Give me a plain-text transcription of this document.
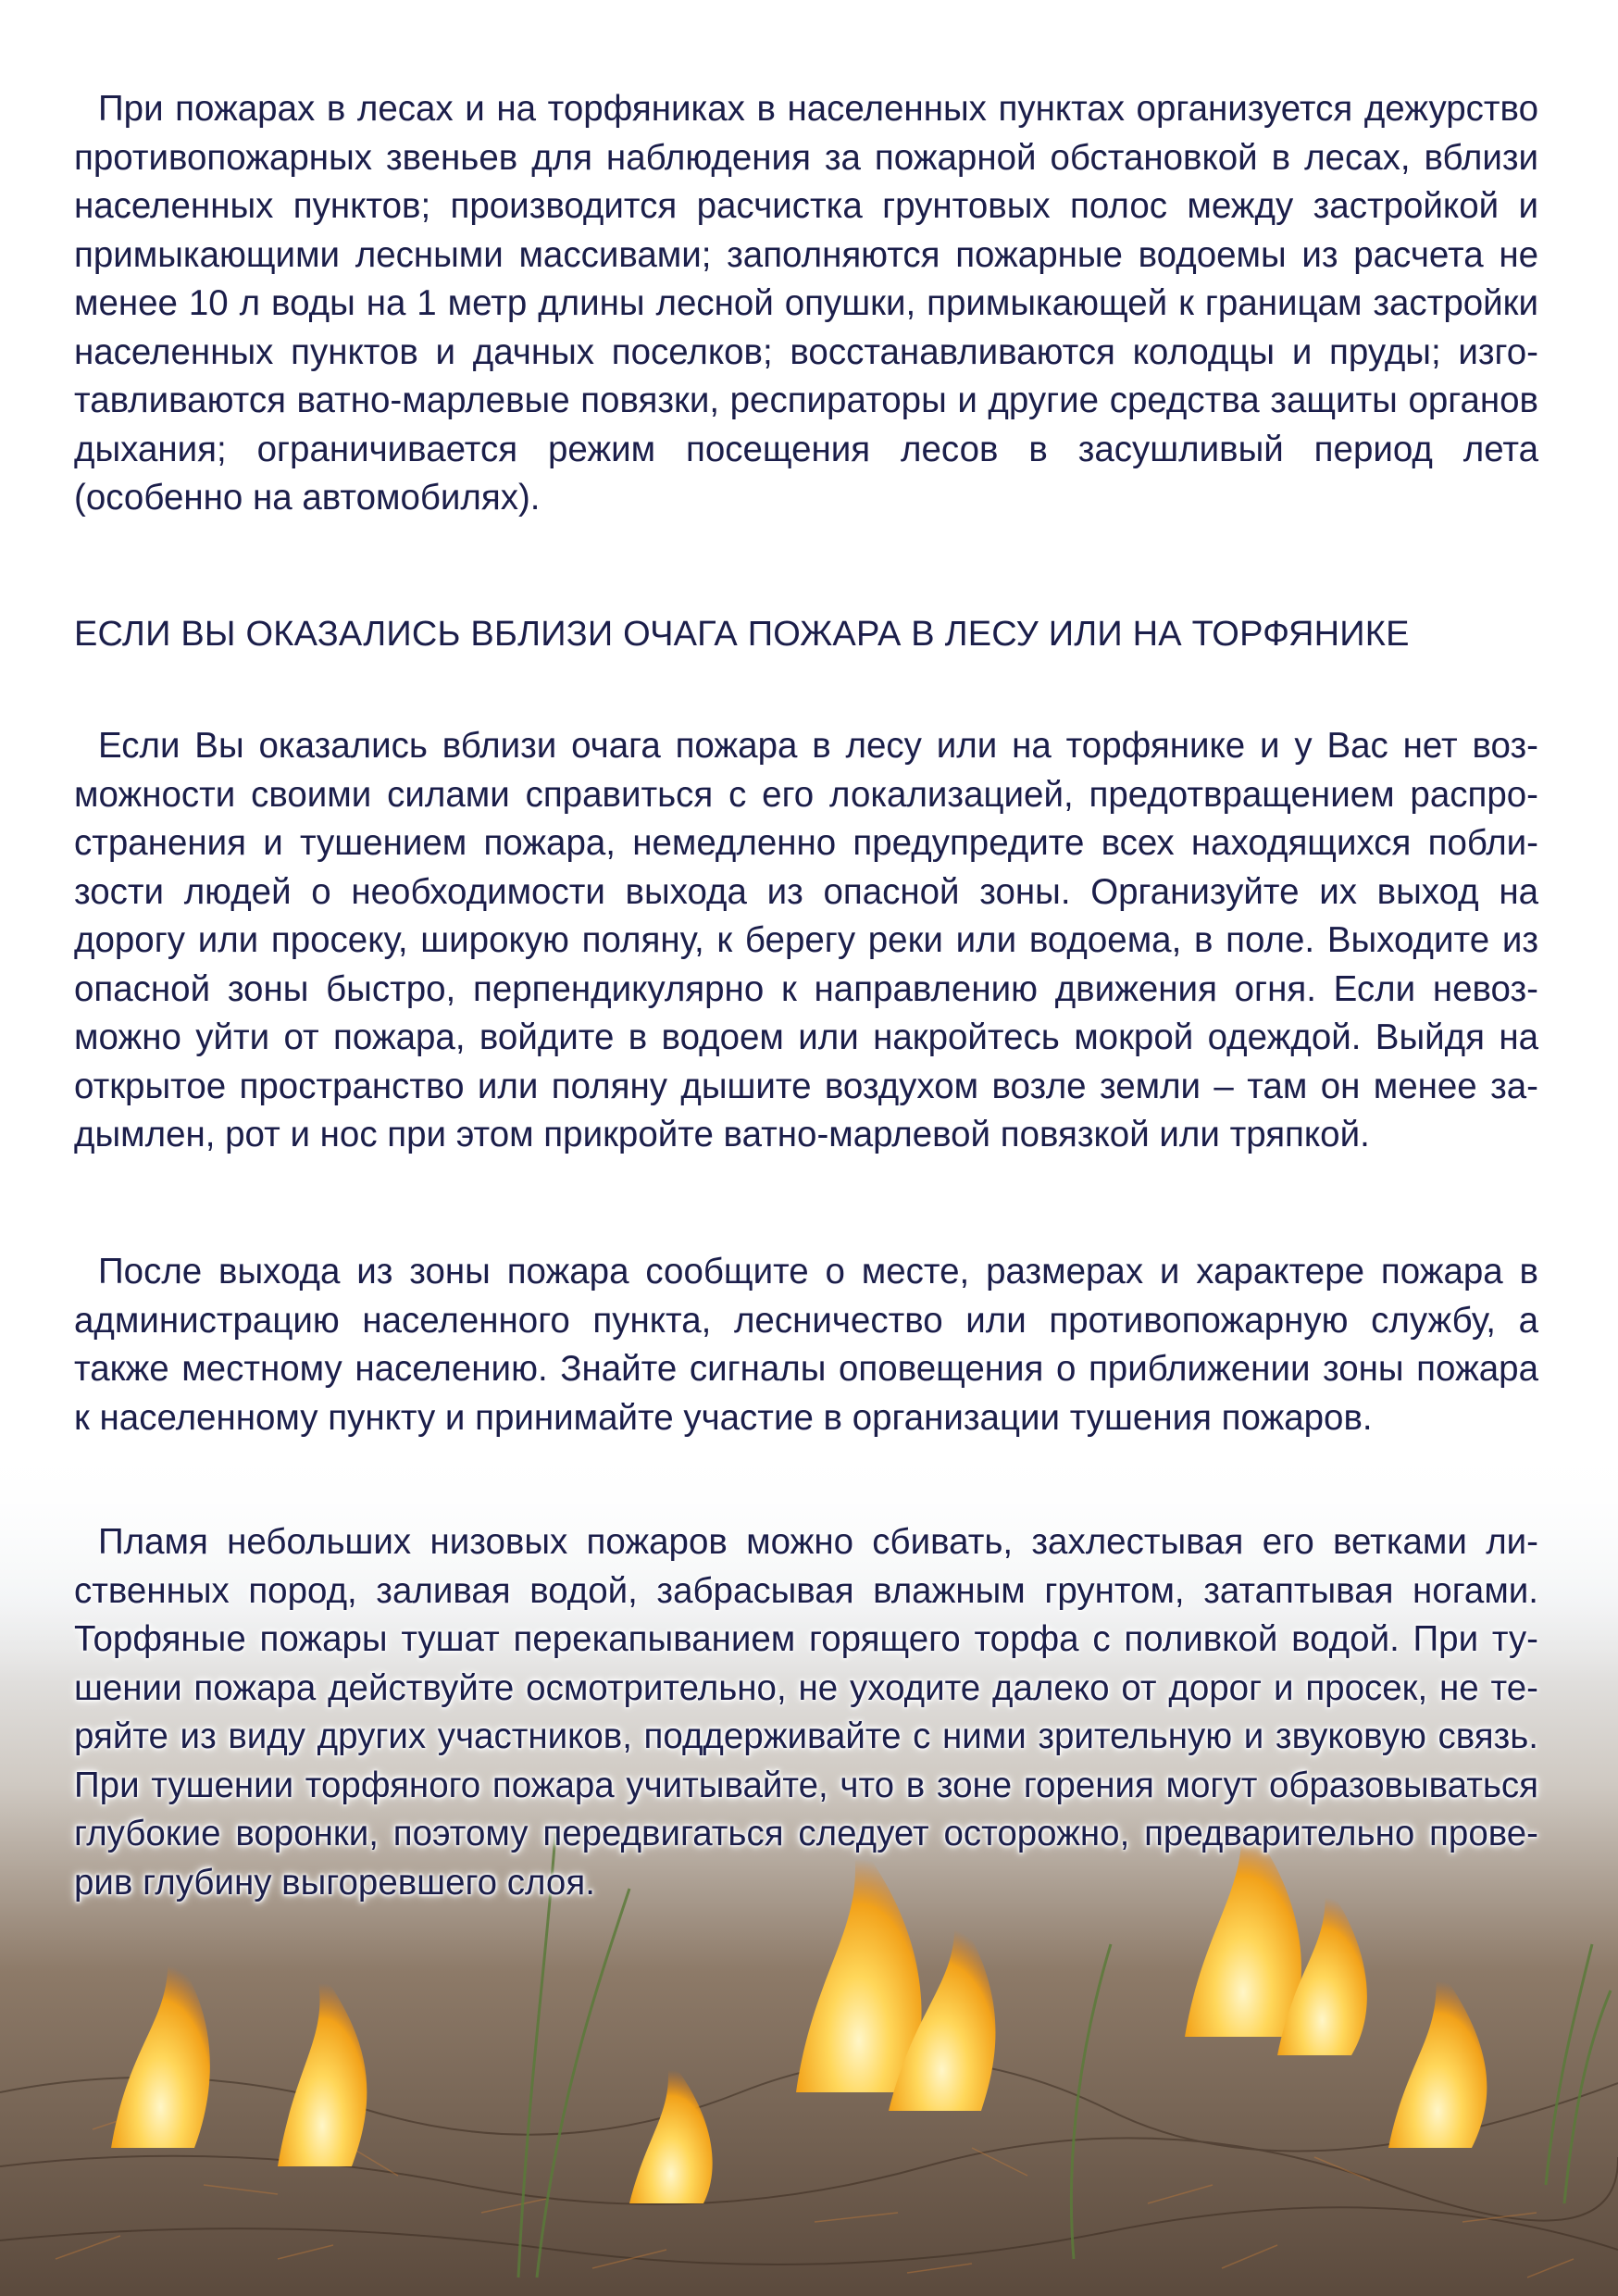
При пожарах в лесах и на торфяниках в населенных пунктах организуется дежурство противопожарных звеньев для наблюдения за пожарной обстановкой в лесах, вблизи населенных пунктов; производится расчистка грунтовых полос между застройкой и примыкающими лесными массивами; заполняются пожарные водоемы из расчета не менее 10 л воды на 1 метр длины лесной опушки, примыкающей к границам застройки населенных пунктов и дачных поселков; восстанавливаются колодцы и пруды; изготавливаются ватно-марлевые повязки, респираторы и другие средства защиты органов дыхания; ограничивается режим посещения лесов в засушливый период лета (особенно на автомобилях).

ЕСЛИ ВЫ ОКАЗАЛИСЬ ВБЛИЗИ ОЧАГА ПОЖАРА В ЛЕСУ ИЛИ НА ТОРФЯНИКЕ

Если Вы оказались вблизи очага пожара в лесу или на торфянике и у Вас нет возможности своими силами справиться с его локализацией, предотвращением распространения и тушением пожара, немедленно предупредите всех находящихся поблизости людей о необходимости выхода из опасной зоны. Организуйте их выход на дорогу или просеку, широкую поляну, к берегу реки или водоема, в поле. Выходите из опасной зоны быстро, перпендикулярно к направлению движения огня. Если невозможно уйти от пожара, войдите в водоем или накройтесь мокрой одеждой. Выйдя на открытое пространство или поляну дышите воздухом возле земли – там он менее задымлен, рот и нос при этом прикройте ватно-марлевой повязкой или тряпкой.

После выхода из зоны пожара сообщите о месте, размерах и характере пожара в администрацию населенного пункта, лесничество или противопожарную службу, а также местному населению. Знайте сигналы оповещения о приближении зоны пожара к населенному пункту и принимайте участие в организации тушения пожаров.

Пламя небольших низовых пожаров можно сбивать, захлестывая его ветками лиственных пород, заливая водой, забрасывая влажным грунтом, затаптывая ногами. Торфяные пожары тушат перекапыванием горящего торфа с поливкой водой. При тушении пожара действуйте осмотрительно, не уходите далеко от дорог и просек, не теряйте из виду других участников, поддерживайте с ними зрительную и звуковую связь. При тушении торфяного пожара учитывайте, что в зоне горения могут образовываться глубокие воронки, поэтому передвигаться следует осторожно, предварительно проверив глубину выгоревшего слоя.
